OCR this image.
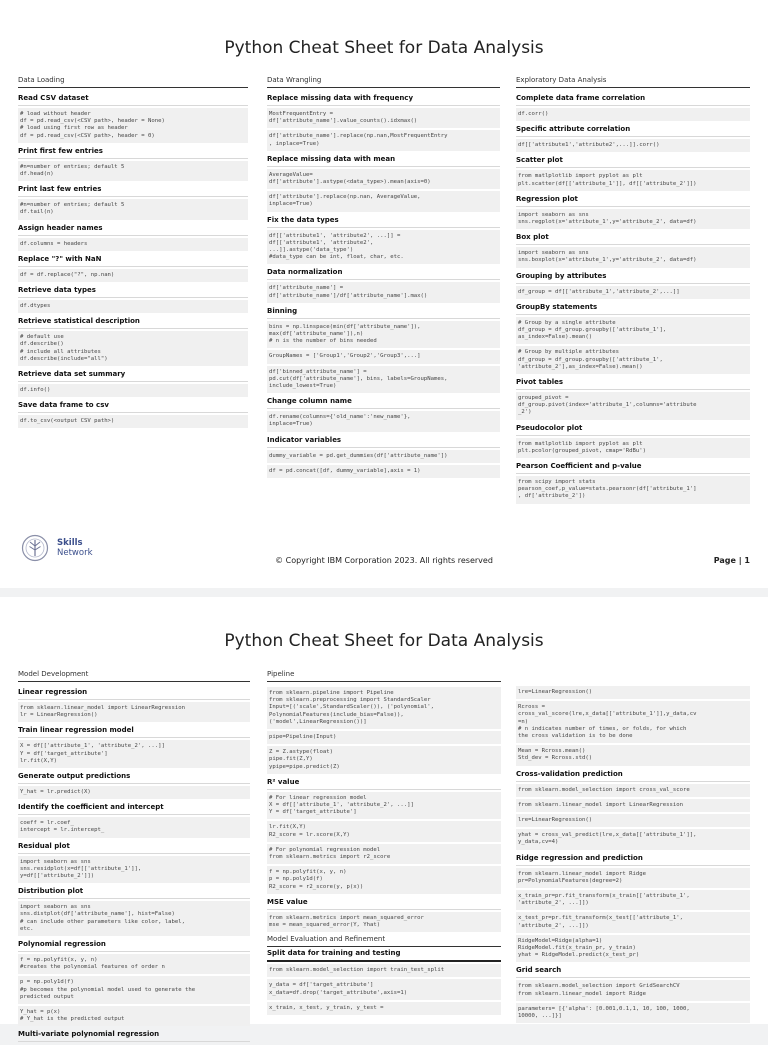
Python Cheat Sheet for Data Analysis
Data Loading
Read CSV dataset
# load without header
df = pd.read_csv(<CSV path>, header = None)
# load using first row as header
df = pd.read_csv(<CSV path>, header = 0)
Print first few entries
#n=number of entries; default 5
df.head(n)
Print last few entries
#n=number of entries; default 5
df.tail(n)
Assign header names
df.columns = headers
Replace "?" with NaN
df = df.replace("?", np.nan)
Retrieve data types
df.dtypes
Retrieve statistical description
# default use
df.describe()
# include all attributes
df.describe(include="all")
Retrieve data set summary
df.info()
Save data frame to csv
df.to_csv(<output CSV path>)
Data Wrangling
Replace missing data with frequency
MostFrequentEntry =
df['attribute_name'].value_counts().idxmax()
df['attribute_name'].replace(np.nan,MostFrequentEntry
, inplace=True)
Replace missing data with mean
AverageValue=
df['attribute'].astype(<data_type>).mean(axis=0)
df['attribute'].replace(np.nan, AverageValue,
inplace=True)
Fix the data types
df[['attribute1', 'attribute2', ...]] =
df[['attribute1', 'attribute2',
...]].astype('data_type')
#data_type can be int, float, char, etc.
Data normalization
df['attribute_name'] =
df['attribute_name']/df['attribute_name'].max()
Binning
bins = np.linspace(min(df['attribute_name']),
max(df['attribute_name']),n)
# n is the number of bins needed
GroupNames = ['Group1','Group2','Group3',...]
df['binned_attribute_name'] =
pd.cut(df['attribute_name'], bins, labels=GroupNames,
include_lowest=True)
Change column name
df.rename(columns={'old_name':'new_name'},
inplace=True)
Indicator variables
dummy_variable = pd.get_dummies(df['attribute_name'])
df = pd.concat([df, dummy_variable],axis = 1)
Exploratory Data Analysis
Complete data frame correlation
df.corr()
Specific attribute correlation
df[['attribute1','attribute2',...]].corr()
Scatter plot
from matlplotlib import pyplot as plt
plt.scatter(df[['attribute_1']], df[['attribute_2']])
Regression plot
import seaborn as sns
sns.regplot(x='attribute_1',y='attribute_2', data=df)
Box plot
import seaborn as sns
sns.boxplot(x='attribute_1',y='attribute_2', data=df)
Grouping by attributes
df_group = df[['attribute_1','attribute_2',...]]
GroupBy statements
# Group by a single attribute
df_group = df_group.groupby(['attribute_1'],
as_index=False).mean()
# Group by multiple attributes
df_group = df_group.groupby(['attribute_1',
'attribute_2'],as_index=False).mean()
Pivot tables
grouped_pivot =
df_group.pivot(index='attribute_1',columns='attribute
_2')
Pseudocolor plot
from matlplotlib import pyplot as plt
plt.pcolor(grouped_pivot, cmap='RdBu')
Pearson Coefficient and p-value
from scipy import stats
pearson_coef,p_value=stats.pearsonr(df['attribute_1']
, df['attribute_2'])
Skills
Network
© Copyright IBM Corporation 2023. All rights reserved	Page | 1
Python Cheat Sheet for Data Analysis
Model Development
Linear regression
from sklearn.linear_model import LinearRegression
lr = LinearRegression()
Train linear regression model
X = df[['attribute_1', 'attribute_2', ...]]
Y = df['target_attribute']
lr.fit(X,Y)
Generate output predictions
Y_hat = lr.predict(X)
Identify the coefficient and intercept
coeff = lr.coef_
intercept = lr.intercept_
Residual plot
import seaborn as sns
sns.residplot(x=df[['attribute_1']],
y=df[['attribute_2']])
Distribution plot
import seaborn as sns
sns.distplot(df['attribute_name'], hist=False)
# can include other parameters like color, label,
etc.
Polynomial regression
f = np.polyfit(x, y, n)
#creates the polynomial features of order n
p = np.poly1d(f)
#p becomes the polynomial model used to generate the
predicted output
Y_hat = p(x)
# Y_hat is the predicted output
Multi-variate polynomial regression
Pipeline
from sklearn.pipeline import Pipeline
from sklearn.preprocessing import StandardScaler
Input=[('scale',StandardScaler()), ('polynomial',
PolynomialFeatures(include_bias=False)),
('model',LinearRegression())]
pipe=Pipeline(Input)
Z = Z.astype(float)
pipe.fit(Z,Y)
ypipe=pipe.predict(Z)
R² value
# For linear regression model
X = df[['attribute_1', 'attribute_2', ...]]
Y = df['target_attribute']
lr.fit(X,Y)
R2_score = lr.score(X,Y)
# For polynomial regression model
from sklearn.metrics import r2_score
f = np.polyfit(x, y, n)
p = np.poly1d(f)
R2_score = r2_score(y, p(x))
MSE value
from sklearn.metrics import mean_squared_error
mse = mean_squared_error(Y, Yhat)
Model Evaluation and Refinement
Split data for training and testing
from sklearn.model_selection import train_test_split
y_data = df['target_attribute']
x_data=df.drop('target_attribute',axis=1)
x_train, x_test, y_train, y_test =
lre=LinearRegression()
Rcross =
cross_val_score(lre,x_data[['attribute_1']],y_data,cv
=n)
# n indicates number of times, or folds, for which
the cross validation is to be done
Mean = Rcross.mean()
Std_dev = Rcross.std()
Cross-validation prediction
from sklearn.model_selection import cross_val_score
from sklearn.linear_model import LinearRegression
lre=LinearRegression()
yhat = cross_val_predict(lre,x_data[['attribute_1']],
y_data,cv=4)
Ridge regression and prediction
from sklearn.linear_model import Ridge
pr=PolynomialFeatures(degree=2)
x_train_pr=pr.fit_transform(x_train[['attribute_1',
'attribute_2', ...]])
x_test_pr=pr.fit_transform(x_test[['attribute_1',
'attribute_2', ...]])
RidgeModel=Ridge(alpha=1)
RidgeModel.fit(x_train_pr, y_train)
yhat = RidgeModel.predict(x_test_pr)
Grid search
from sklearn.model_selection import GridSearchCV
from sklearn.linear_model import Ridge
parameters= [{'alpha': [0.001,0.1,1, 10, 100, 1000,
10000, ...]}]
